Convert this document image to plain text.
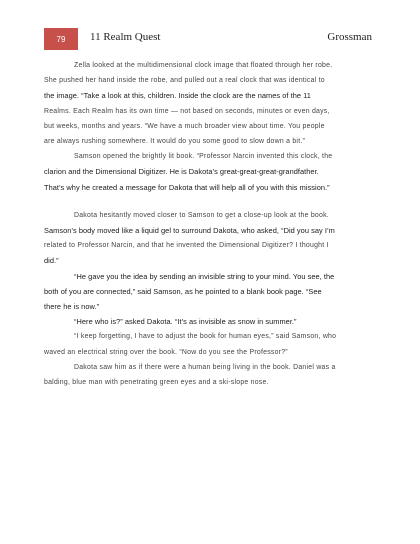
79 11 Realm Quest	Grossman
Zella looked at the multidimensional clock image that floated through her robe.
She pushed her hand inside the robe, and pulled out a real clock that was identical to
the image. “Take a look at this, children. Inside the clock are the names of the 11
Realms. Each Realm has its own time — not based on seconds, minutes or even days,
but weeks, months and years. “We have a much broader view about time. You people
are always rushing somewhere. It would do you some good to slow down a bit.”
Samson opened the brightly lit book. “Professor Narcin invented this clock, the
clarion and the Dimensional Digitizer. He is Dakota’s great-great-great-grandfather.
That’s why he created a message for Dakota that will help all of you with this mission.”
Dakota hesitantly moved closer to Samson to get a close-up look at the book.
Samson’s body moved like a liquid gel to surround Dakota, who asked, “Did you say I’m
related to Professor Narcin, and that he invented the Dimensional Digitizer? I thought I
did.”
“He gave you the idea by sending an invisible string to your mind. You see, the
both of you are connected,” said Samson, as he pointed to a blank book page. “See
there he is now.”
“Here who is?” asked Dakota. “It’s as invisible as snow in summer.”
“I keep forgetting, I have to adjust the book for human eyes,” said Samson, who
waved an electrical string over the book. “Now do you see the Professor?”
Dakota saw him as if there were a human being living in the book. Daniel was a
balding, blue man with penetrating green eyes and a ski-slope nose.
